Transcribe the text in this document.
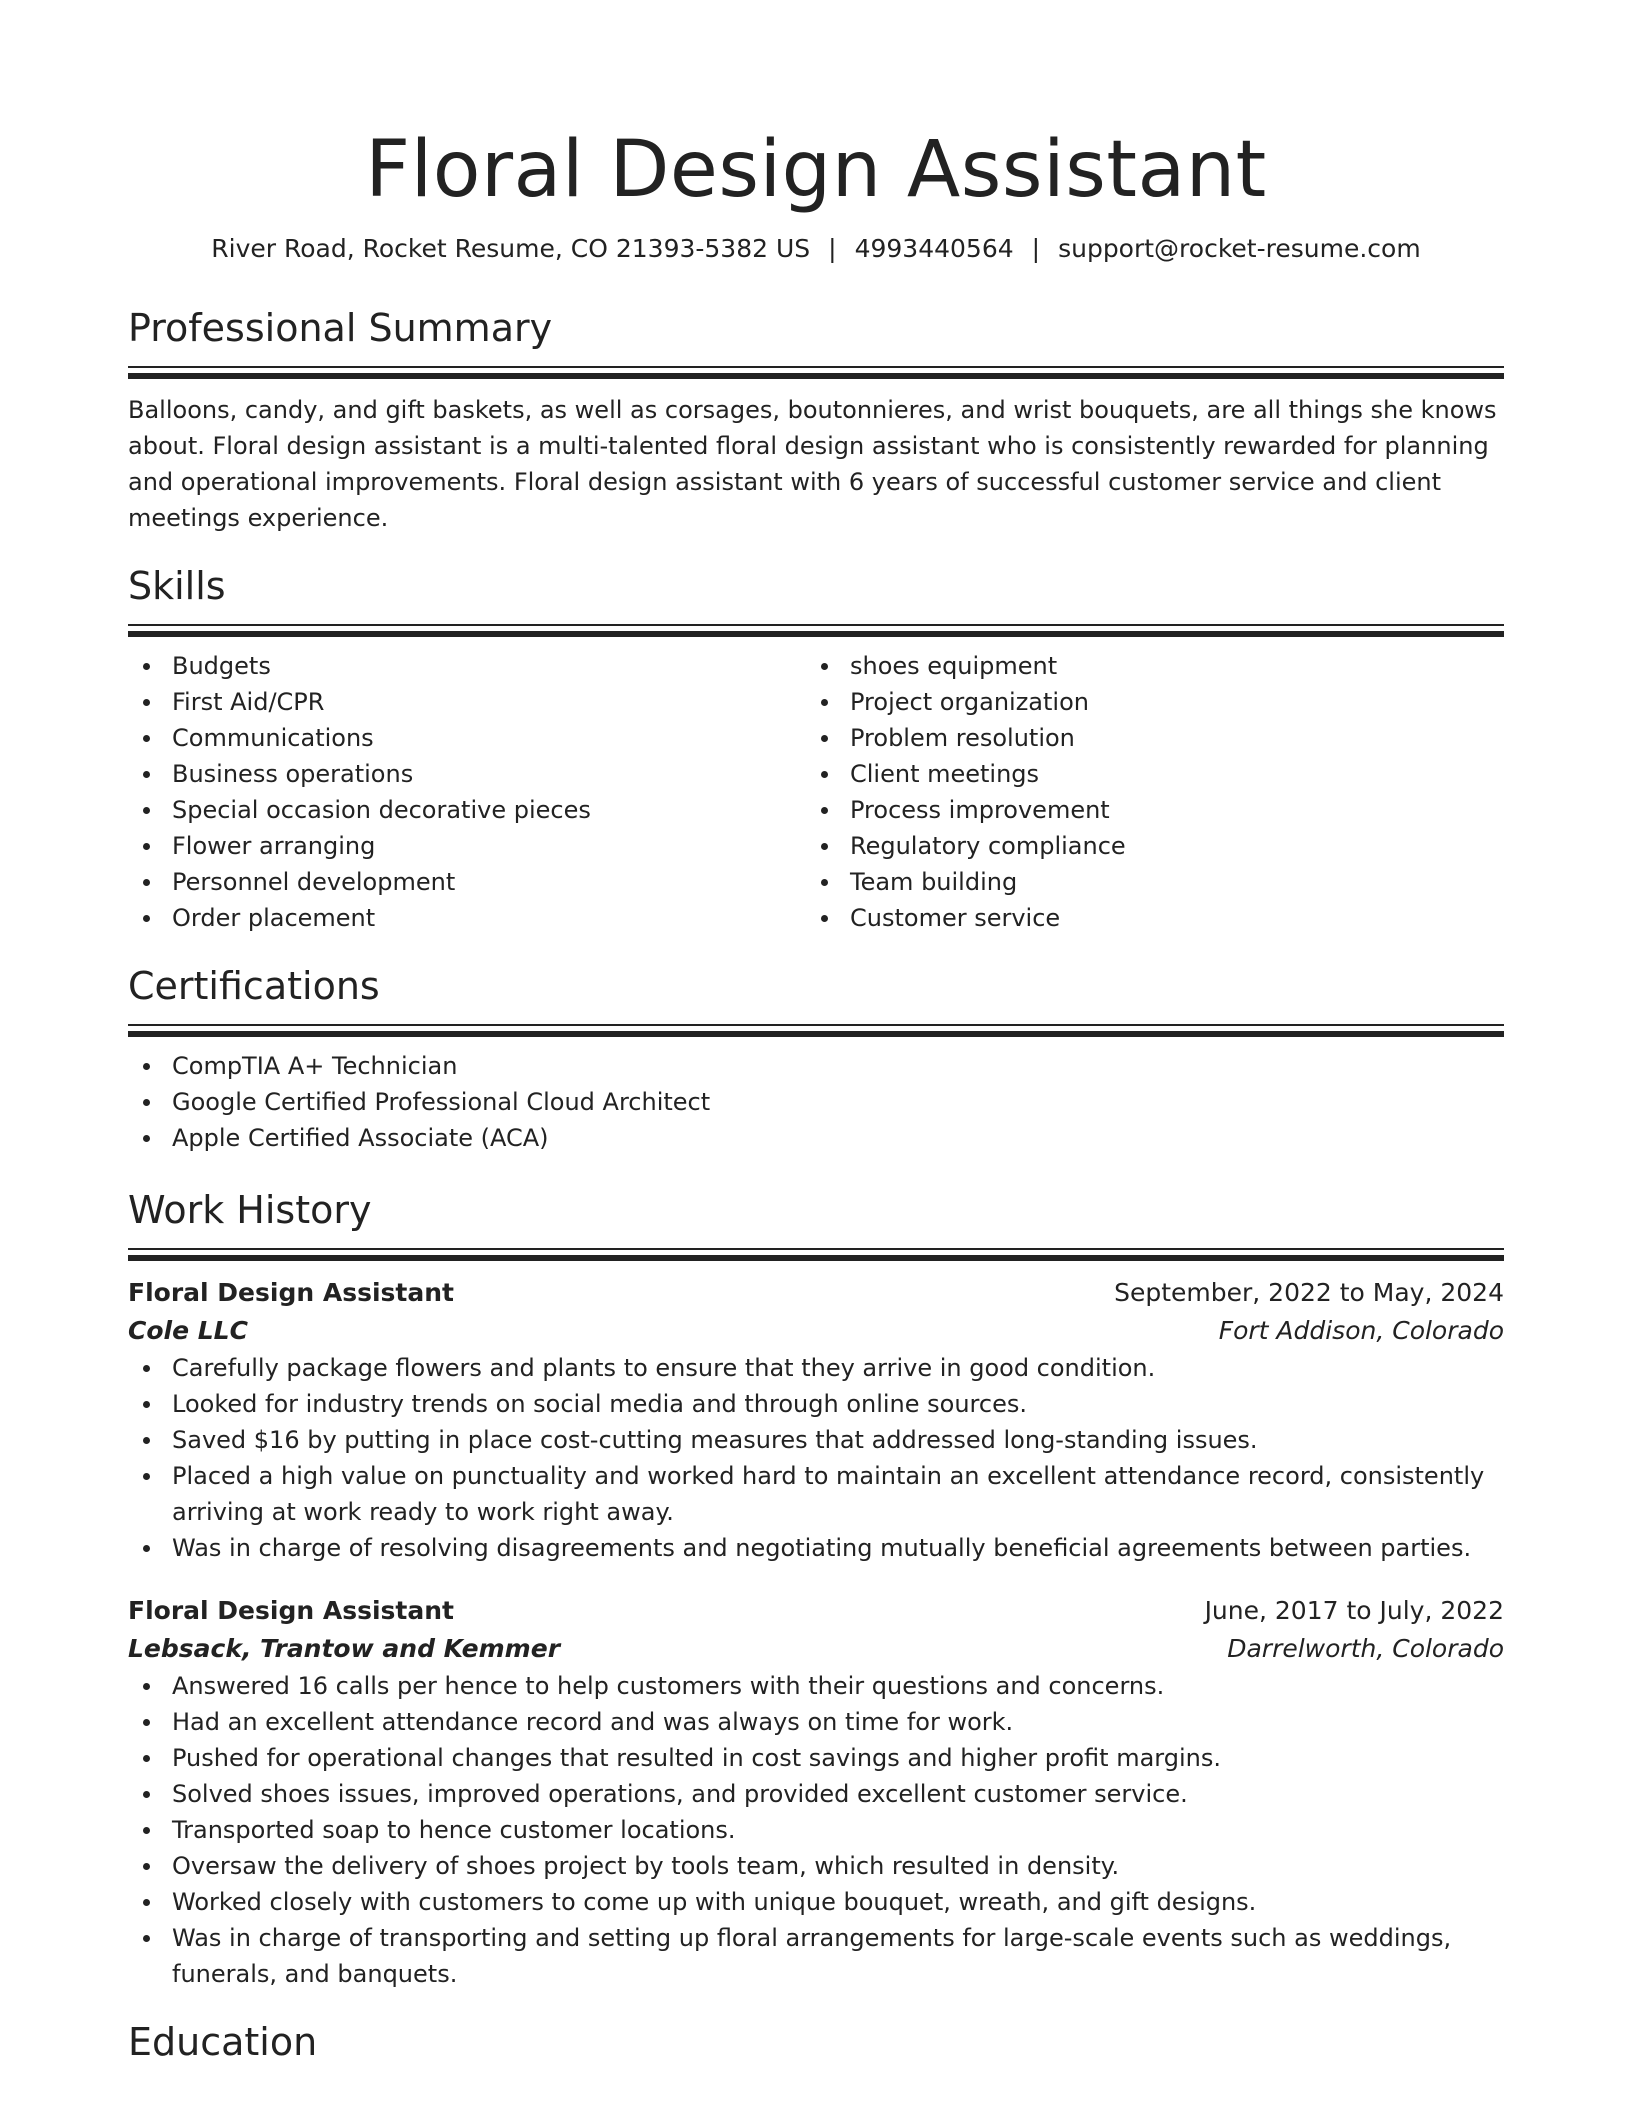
Floral Design Assistant
River Road, Rocket Resume, CO 21393-5382 US | 4993440564 | support@rocket-resume.com
Professional Summary
Balloons, candy, and gift baskets, as well as corsages, boutonnieres, and wrist bouquets, are all things she knows about. Floral design assistant is a multi-talented floral design assistant who is consistently rewarded for planning and operational improvements. Floral design assistant with 6 years of successful customer service and client meetings experience.
Skills
Budgets
First Aid/CPR
Communications
Business operations
Special occasion decorative pieces
Flower arranging
Personnel development
Order placement
shoes equipment
Project organization
Problem resolution
Client meetings
Process improvement
Regulatory compliance
Team building
Customer service
Certifications
CompTIA A+ Technician
Google Certified Professional Cloud Architect
Apple Certified Associate (ACA)
Work History
Floral Design Assistant	September, 2022 to May, 2024
Cole LLC	Fort Addison, Colorado
Carefully package flowers and plants to ensure that they arrive in good condition.
Looked for industry trends on social media and through online sources.
Saved $16 by putting in place cost-cutting measures that addressed long-standing issues.
Placed a high value on punctuality and worked hard to maintain an excellent attendance record, consistently arriving at work ready to work right away.
Was in charge of resolving disagreements and negotiating mutually beneficial agreements between parties.
Floral Design Assistant	June, 2017 to July, 2022
Lebsack, Trantow and Kemmer	Darrelworth, Colorado
Answered 16 calls per hence to help customers with their questions and concerns.
Had an excellent attendance record and was always on time for work.
Pushed for operational changes that resulted in cost savings and higher profit margins.
Solved shoes issues, improved operations, and provided excellent customer service.
Transported soap to hence customer locations.
Oversaw the delivery of shoes project by tools team, which resulted in density.
Worked closely with customers to come up with unique bouquet, wreath, and gift designs.
Was in charge of transporting and setting up floral arrangements for large-scale events such as weddings, funerals, and banquets.
Education
